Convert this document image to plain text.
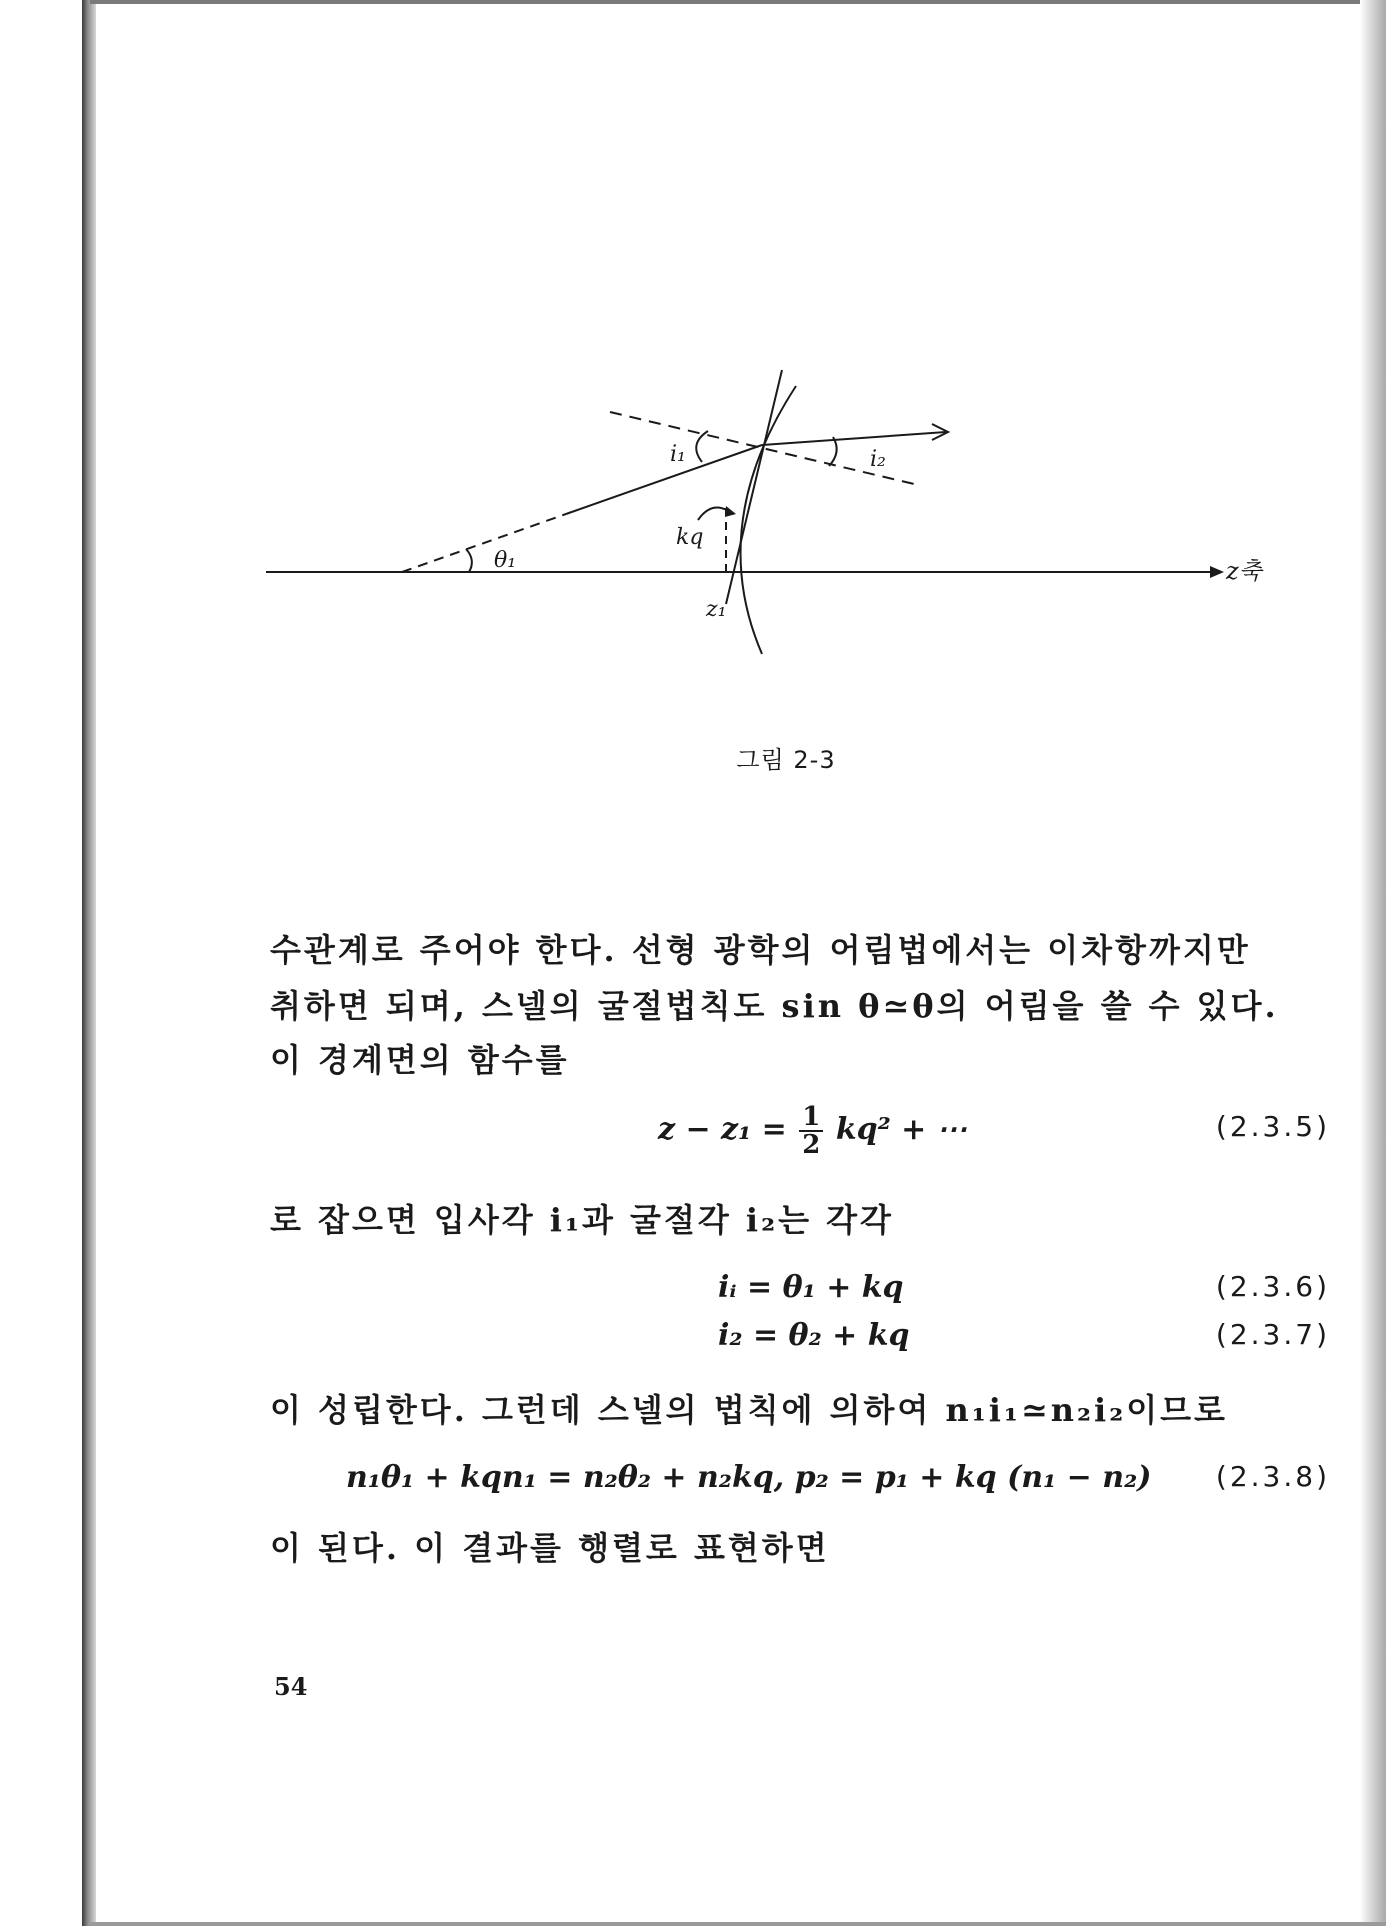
z축
θ₁
i₁	i₂
kq
z₁
그림 2-3

수관계로 주어야 한다. 선형 광학의 어림법에서는 이차항까지만

취하면 되며, 스넬의 굴절법칙도 sin θ≃θ의 어림을 쓸 수 있다.

이 경계면의 함수를

$z - z_1 = \frac{1}{2} kq^2$ + ⋯	(2.3.5)

로 잡으면 입사각 i₁과 굴절각 i₂는 각각

iᵢ = θ₁ + kq	(2.3.6)
i₂ = θ₂ + kq	(2.3.7)

이 성립한다. 그런데 스넬의 법칙에 의하여 n₁i₁≃n₂i₂이므로

n₁θ₁ + kqn₁ = n₂θ₂ + n₂kq, p₂ = p₁ + kq (n₁ − n₂) (2.3.8)

이 된다. 이 결과를 행렬로 표현하면

54
